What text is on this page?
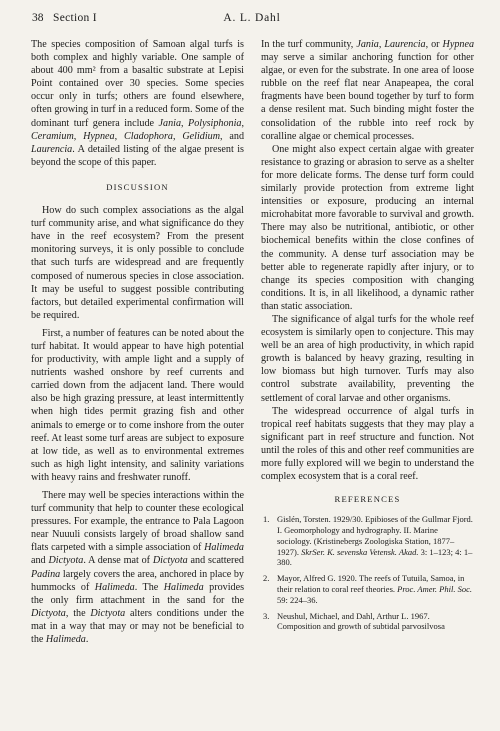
38 Section I	A. L. Dahl

The species composition of Samoan algal turfs is both complex and highly variable. One sample of about 400 mm² from a basaltic substrate at Lepisi Point contained over 30 species. Some species occur only in turfs; others are found elsewhere, often growing in turf in a reduced form. Some of the dominant turf genera include Jania, Polysiphonia, Ceramium, Hypnea, Cladophora, Gelidium, and Laurencia. A detailed listing of the algae present is beyond the scope of this paper.

DISCUSSION

How do such complex associations as the algal turf community arise, and what significance do they have in the reef ecosystem? From the present monitoring surveys, it is only possible to conclude that such turfs are widespread and are frequently composed of numerous species in close association. It may be useful to suggest possible contributing factors, but detailed experimental confirmation will be required.

First, a number of features can be noted about the turf habitat. It would appear to have high potential for productivity, with ample light and a supply of nutrients washed onshore by reef currents and carried down from the adjacent land. There would also be high grazing pressure, at least intermittently when high tides permit grazing fish and other animals to emerge or to come inshore from the outer reef. At least some turf areas are subject to exposure at low tide, as well as to environmental extremes such as high light intensity, and salinity variations with heavy rains and freshwater runoff.

There may well be species interactions within the turf community that help to counter these ecological pressures. For example, the entrance to Pala Lagoon near Nuuuli consists largely of broad shallow sand flats carpeted with a simple association of Halimeda and Dictyota. A dense mat of Dictyota and scattered Padina largely covers the area, anchored in place by hummocks of Halimeda. The Halimeda provides the only firm attachment in the sand for the Dictyota, the Dictyota alters conditions under the mat in a way that may or may not be beneficial to the Halimeda.

In the turf community, Jania, Laurencia, or Hypnea may serve a similar anchoring function for other algae, or even for the substrate. In one area of loose rubble on the reef flat near Anapeapea, the coral fragments have been bound together by turf to form a dense resilent mat. Such binding might foster the consolidation of the rubble into reef rock by coralline algae or chemical processes.

One might also expect certain algae with greater resistance to grazing or abrasion to serve as a shelter for more delicate forms. The dense turf form could similarly provide protection from extreme light intensities or exposure, producing an internal microhabitat more favorable to survival and growth. There may also be nutritional, antibiotic, or other biochemical benefits within the close confines of the community. A dense turf association may be better able to regenerate rapidly after injury, or to change its species composition with changing conditions. It is, in all likelihood, a dynamic rather than static association.

The significance of algal turfs for the whole reef ecosystem is similarly open to conjecture. This may well be an area of high productivity, in which rapid growth is balanced by heavy grazing, resulting in low biomass but high turnover. Turfs may also control substrate availability, preventing the settlement of coral larvae and other organisms.

The widespread occurrence of algal turfs in tropical reef habitats suggests that they may play a significant part in reef structure and function. Not until the roles of this and other reef communities are more fully explored will we begin to understand the complex ecosystem that is a coral reef.

REFERENCES
1. Gislén, Torsten. 1929/30. Epibioses of the Gullmar Fjord. I. Geomorphology and hydrography. II. Marine sociology. (Kristinebergs Zoologiska Station, 1877–1927). SkrSer. K. sevenska Vetensk. Akad. 3: 1–123; 4: 1–380.
2. Mayor, Alfred G. 1920. The reefs of Tutuila, Samoa, in their relation to coral reef theories. Proc. Amer. Phil. Soc. 59: 224–36.
3. Neushul, Michael, and Dahl, Arthur L. 1967. Composition and growth of subtidal parvosilvosa
